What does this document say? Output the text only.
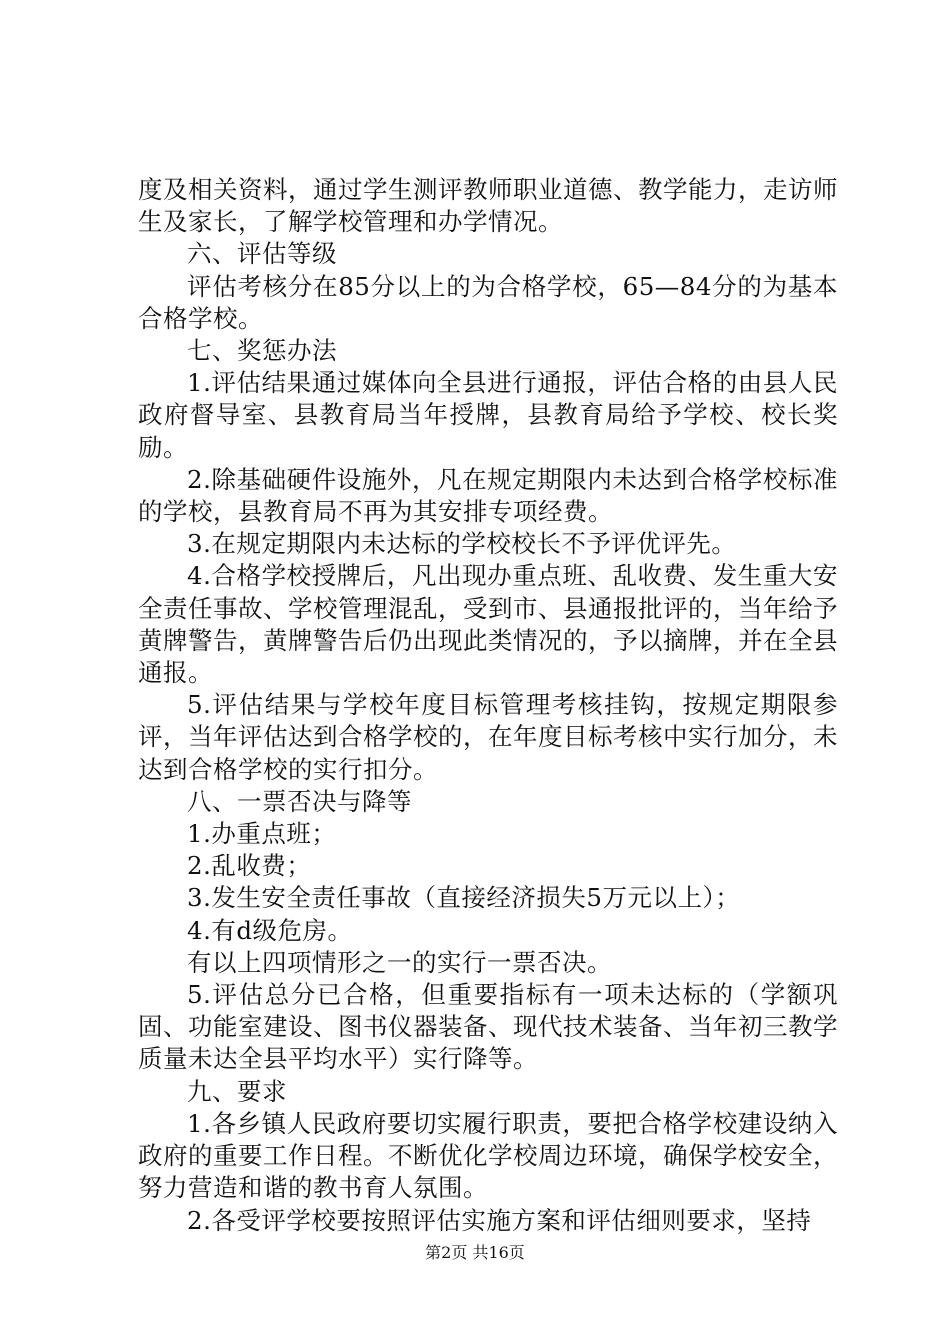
度及相关资料，通过学生测评教师职业道德、教学能力，走访师生及家长，了解学校管理和办学情况。

六、评估等级

评估考核分在85分以上的为合格学校，65—84分的为基本合格学校。

七、奖惩办法

1.评估结果通过媒体向全县进行通报，评估合格的由县人民政府督导室、县教育局当年授牌，县教育局给予学校、校长奖励。

2.除基础硬件设施外，凡在规定期限内未达到合格学校标准的学校，县教育局不再为其安排专项经费。

3.在规定期限内未达标的学校校长不予评优评先。

4.合格学校授牌后，凡出现办重点班、乱收费、发生重大安全责任事故、学校管理混乱，受到市、县通报批评的，当年给予黄牌警告，黄牌警告后仍出现此类情况的，予以摘牌，并在全县通报。

5.评估结果与学校年度目标管理考核挂钩，按规定期限参评，当年评估达到合格学校的，在年度目标考核中实行加分，未达到合格学校的实行扣分。

八、一票否决与降等

1.办重点班；

2.乱收费；

3.发生安全责任事故（直接经济损失5万元以上）；

4.有d级危房。

有以上四项情形之一的实行一票否决。

5.评估总分已合格，但重要指标有一项未达标的（学额巩固、功能室建设、图书仪器装备、现代技术装备、当年初三教学质量未达全县平均水平）实行降等。

九、要求

1.各乡镇人民政府要切实履行职责，要把合格学校建设纳入政府的重要工作日程。不断优化学校周边环境，确保学校安全，努力营造和谐的教书育人氛围。

2.各受评学校要按照评估实施方案和评估细则要求，坚持

第2页 共16页
